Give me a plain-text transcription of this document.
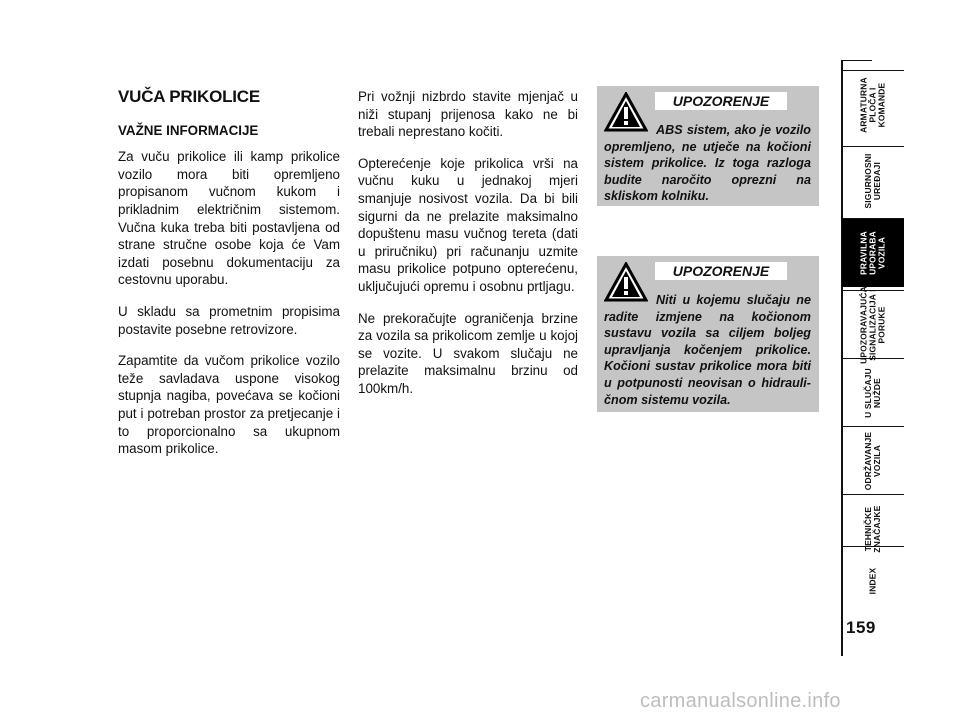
VUČA PRIKOLICE
VAŽNE INFORMACIJE

Za vuču prikolice ili kamp prikolice vozilo mora biti opremljeno propisanom vučnom kukom i prikladnim električnim sistemom. Vučna kuka treba biti postavljena od strane stručne osobe koja će Vam izdati posebnu dokumentaciju za cestovnu uporabu.

U skladu sa prometnim propisima postavite posebne retrovizore.

Zapamtite da vučom prikolice vozilo teže savladava uspone visokog stupnja nagiba, povećava se kočioni put i potreban prostor za pretjecanje i to proporcionalno sa ukupnom masom prikolice.

Pri vožnji nizbrdo stavite mjenjač u niži stupanj prijenosa kako ne bi trebali neprestano kočiti.

Opterećenje koje prikolica vrši na vučnu kuku u jednakoj mjeri smanjuje nosivost vozila. Da bi bili sigurni da ne prelazite maksimalno dopuštenu masu vučnog tereta (dati u priručniku) pri računanju uzmite masu prikolice potpuno opterećenu, uključujući opremu i osobnu prtljagu.

Ne prekoračujte ograničenja brzine za vozila sa prikolicom zemlje u kojoj se vozite. U svakom slučaju ne prelazite maksimalnu brzinu od 100km/h.

UPOZORENJE
ABS sistem, ako je vozilo opremljeno, ne utječe na kočioni sistem prikolice. Iz toga razloga budite naročito oprezni na skliskom kolniku.
UPOZORENJE
Niti u kojemu slučaju ne radite izmjene na kočionom sustavu vozila sa ciljem boljeg upravljanja kočenjem prikolice. Kočioni sustav prikolice mora biti u potpunosti neovisan o hidrauli-čnom sistemu vozila.
ARMATURNA
PLOČA I
KOMANDE
SIGURNOSNI
UREĐAJI
PRAVILNA
UPORABA
VOZILA
UPOZORAVAJUĆA
SIGNALIZACIJA I
PORUKE
U SLUČAJU
NUŽDE
ODRŽAVANJE
VOZILA
TEHNIČKE
ZNAČAJKE
INDEX
159
carmanualsonline.info
